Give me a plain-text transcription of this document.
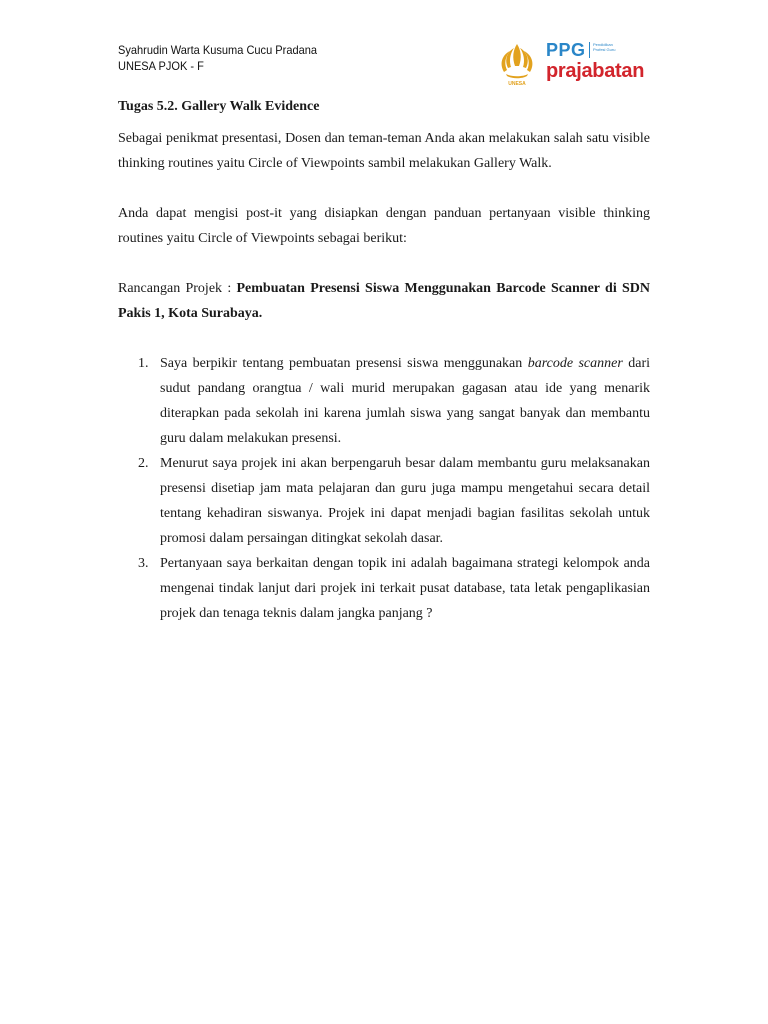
Syahrudin Warta Kusuma Cucu Pradana
UNESA PJOK - F
UNESA
PPG Pendidikan Profesi Guru
prajabatan

Tugas 5.2. Gallery Walk Evidence

Sebagai penikmat presentasi, Dosen dan teman-teman Anda akan melakukan salah satu visible thinking routines yaitu Circle of Viewpoints sambil melakukan Gallery Walk.

Anda dapat mengisi post-it yang disiapkan dengan panduan pertanyaan visible thinking routines yaitu Circle of Viewpoints sebagai berikut:

Rancangan Projek : Pembuatan Presensi Siswa Menggunakan Barcode Scanner di SDN Pakis 1, Kota Surabaya.

1. Saya berpikir tentang pembuatan presensi siswa menggunakan barcode scanner dari sudut pandang orangtua / wali murid merupakan gagasan atau ide yang menarik diterapkan pada sekolah ini karena jumlah siswa yang sangat banyak dan membantu guru dalam melakukan presensi.
2. Menurut saya projek ini akan berpengaruh besar dalam membantu guru melaksanakan presensi disetiap jam mata pelajaran dan guru juga mampu mengetahui secara detail tentang kehadiran siswanya. Projek ini dapat menjadi bagian fasilitas sekolah untuk promosi dalam persaingan ditingkat sekolah dasar.
3. Pertanyaan saya berkaitan dengan topik ini adalah bagaimana strategi kelompok anda mengenai tindak lanjut dari projek ini terkait pusat database, tata letak pengaplikasian projek dan tenaga teknis dalam jangka panjang ?
